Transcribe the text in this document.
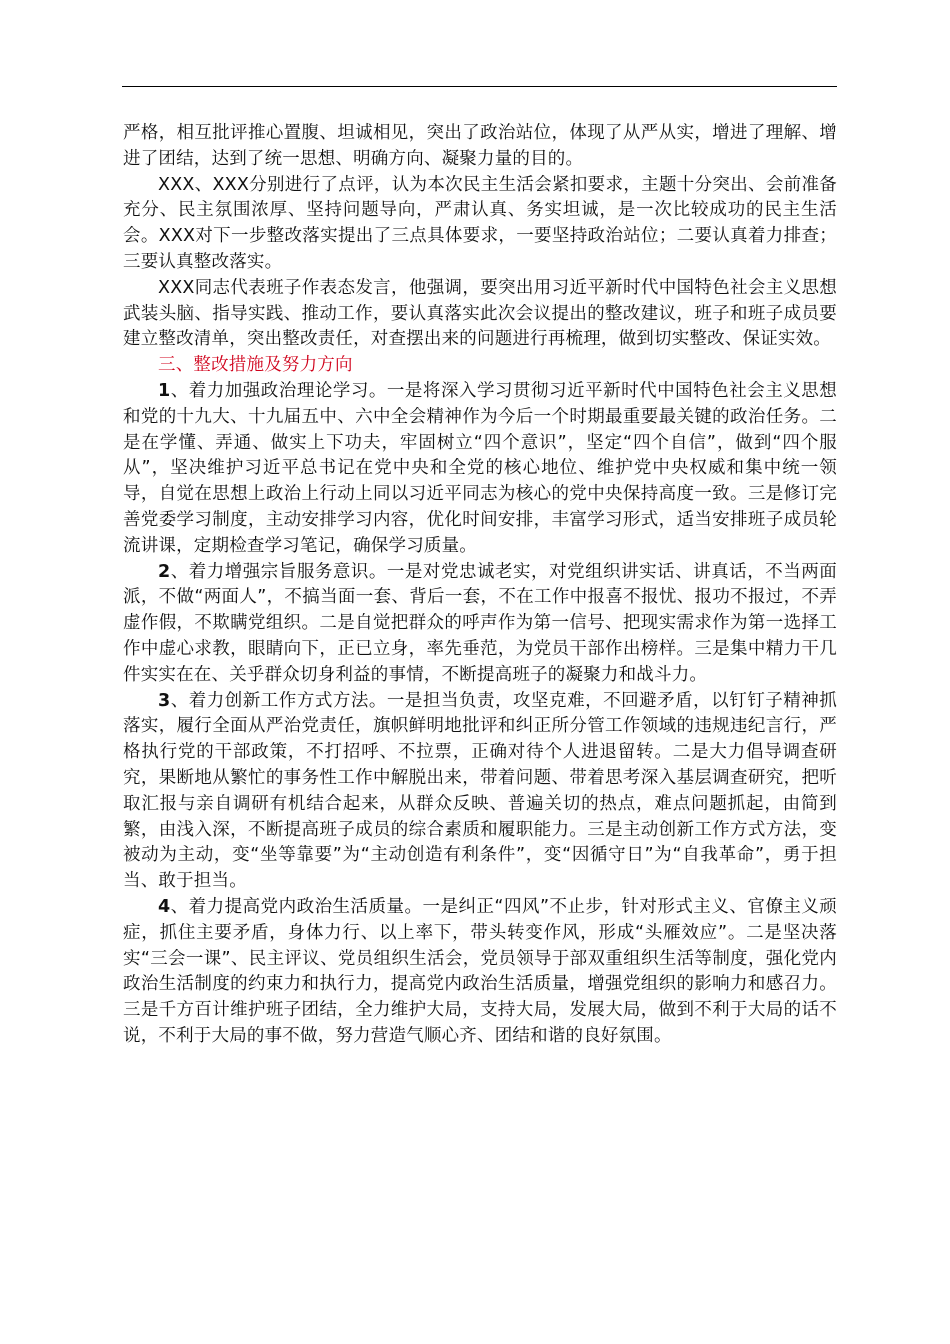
严格，相互批评推心置腹、坦诚相见，突出了政治站位，体现了从严从实，增进了理解、增进了团结，达到了统一思想、明确方向、凝聚力量的目的。

XXX、XXX分别进行了点评，认为本次民主生活会紧扣要求，主题十分突出、会前准备充分、民主氛围浓厚、坚持问题导向，严肃认真、务实坦诚，是一次比较成功的民主生活会。XXX对下一步整改落实提出了三点具体要求，一要坚持政治站位；二要认真着力排查；三要认真整改落实。

XXX同志代表班子作表态发言，他强调，要突出用习近平新时代中国特色社会主义思想武装头脑、指导实践、推动工作，要认真落实此次会议提出的整改建议，班子和班子成员要建立整改清单，突出整改责任，对查摆出来的问题进行再梳理，做到切实整改、保证实效。

三、整改措施及努力方向

1、着力加强政治理论学习。一是将深入学习贯彻习近平新时代中国特色社会主义思想和党的十九大、十九届五中、六中全会精神作为今后一个时期最重要最关键的政治任务。二是在学懂、弄通、做实上下功夫，牢固树立“四个意识”，坚定“四个自信”，做到“四个服从”，坚决维护习近平总书记在党中央和全党的核心地位、维护党中央权威和集中统一领导，自觉在思想上政治上行动上同以习近平同志为核心的党中央保持高度一致。三是修订完善党委学习制度，主动安排学习内容，优化时间安排，丰富学习形式，适当安排班子成员轮流讲课，定期检查学习笔记，确保学习质量。

2、着力增强宗旨服务意识。一是对党忠诚老实，对党组织讲实话、讲真话，不当两面派，不做“两面人”，不搞当面一套、背后一套，不在工作中报喜不报忧、报功不报过，不弄虚作假，不欺瞒党组织。二是自觉把群众的呼声作为第一信号、把现实需求作为第一选择工作中虚心求教，眼睛向下，正已立身，率先垂范，为党员干部作出榜样。三是集中精力干几件实实在在、关乎群众切身利益的事情，不断提高班子的凝聚力和战斗力。

3、着力创新工作方式方法。一是担当负责，攻坚克难，不回避矛盾，以钉钉子精神抓落实，履行全面从严治党责任，旗帜鲜明地批评和纠正所分管工作领域的违规违纪言行，严格执行党的干部政策，不打招呼、不拉票，正确对待个人进退留转。二是大力倡导调查研究，果断地从繁忙的事务性工作中解脱出来，带着问题、带着思考深入基层调查研究，把听取汇报与亲自调研有机结合起来，从群众反映、普遍关切的热点，难点问题抓起，由简到繁，由浅入深，不断提高班子成员的综合素质和履职能力。三是主动创新工作方式方法，变被动为主动，变“坐等靠要”为“主动创造有利条件”，变“因循守日”为“自我革命”，勇于担当、敢于担当。

4、着力提高党内政治生活质量。一是纠正“四风”不止步，针对形式主义、官僚主义顽症，抓住主要矛盾，身体力行、以上率下，带头转变作风，形成“头雁效应”。二是坚决落实“三会一课”、民主评议、党员组织生活会，党员领导于部双重组织生活等制度，强化党内政治生活制度的约束力和执行力，提高党内政治生活质量，增强党组织的影响力和感召力。三是千方百计维护班子团结，全力维护大局，支持大局，发展大局，做到不利于大局的话不说，不利于大局的事不做，努力营造气顺心齐、团结和谐的良好氛围。
